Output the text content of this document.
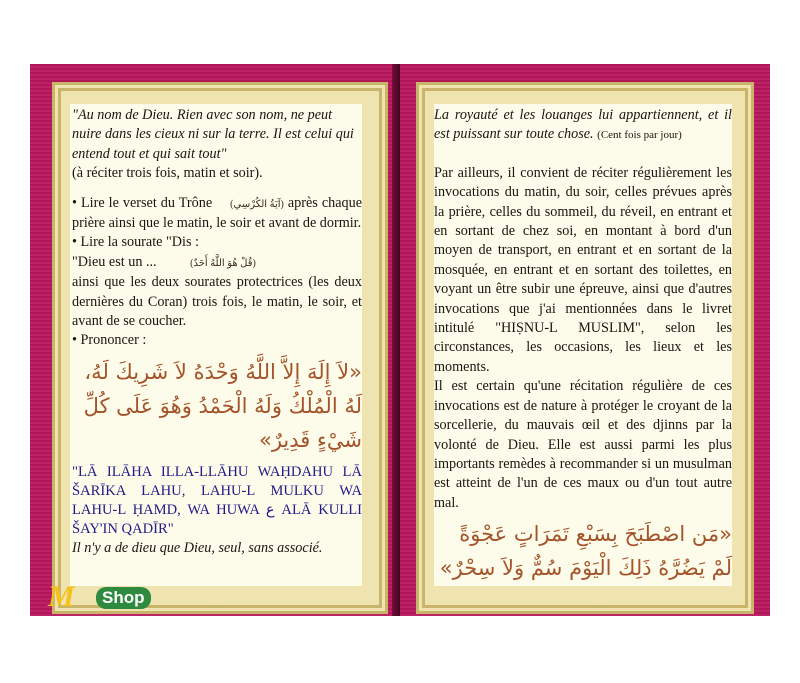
"Au nom de Dieu. Rien avec son nom, ne peut nuire dans les cieux ni sur la terre. Il est celui qui entend tout et qui sait tout"

(à réciter trois fois, matin et soir).

• Lire le verset du Trône (آيَةُ الكُرْسِي) après chaque prière ainsi que le matin, le soir et avant de dormir.
• Lire la sourate "Dis :
"Dieu est un ...	(قُلْ هُوَ اللَّهُ أَحَدٌ)
ainsi que les deux sourates protectrices (les deux dernières du Coran) trois fois, le matin, le soir, et avant de se coucher.
• Prononcer :
«لاَ إِلَهَ إِلاَّ اللَّهُ وَحْدَهُ لاَ شَرِيكَ لَهُ، لَهُ الْمُلْكُ وَلَهُ الْحَمْدُ وَهُوَ عَلَى كُلِّ شَيْءٍ قَدِيرٌ»
"LĀ ILĀHA ILLA-LLĀHU WAḤDAHU LĀ ŠARĪKA LAHU, LAHU-L MULKU WA LAHU-L ḤAMD, WA HUWA ع ALĀ KULLI ŠAY'IN QADĪR"
Il n'y a de dieu que Dieu, seul, sans associé.
12

La royauté et les louanges lui appartiennent, et il est puissant sur toute chose. (Cent fois par jour)

Par ailleurs, il convient de réciter régulièrement les invocations du matin, du soir, celles prévues après la prière, celles du sommeil, du réveil, en entrant et en sortant de chez soi, en montant à bord d'un moyen de transport, en entrant et en sortant de la mosquée, en entrant et en sortant des toilettes, en voyant un être subir une épreuve, ainsi que d'autres invocations que j'ai mentionnées dans le livret intitulé "HIṢNU-L MUSLIM", selon les circonstances, les occasions, les lieux et les moments.

Il est certain qu'une récitation régulière de ces invocations est de nature à protéger le croyant de la sorcellerie, du mauvais œil et des djinns par la volonté de Dieu. Elle est aussi parmi les plus importants remèdes à recommander si un musulman est atteint de l'un de ces maux ou d'un tout autre mal.

«مَن اصْطَبَحَ بِسَبْعِ تَمَرَاتٍ عَجْوَةً لَمْ يَضُرَّهُ ذَلِكَ الْيَوْمَ سُمٌّ وَلاَ سِحْرٌ»
13
M	Shop
